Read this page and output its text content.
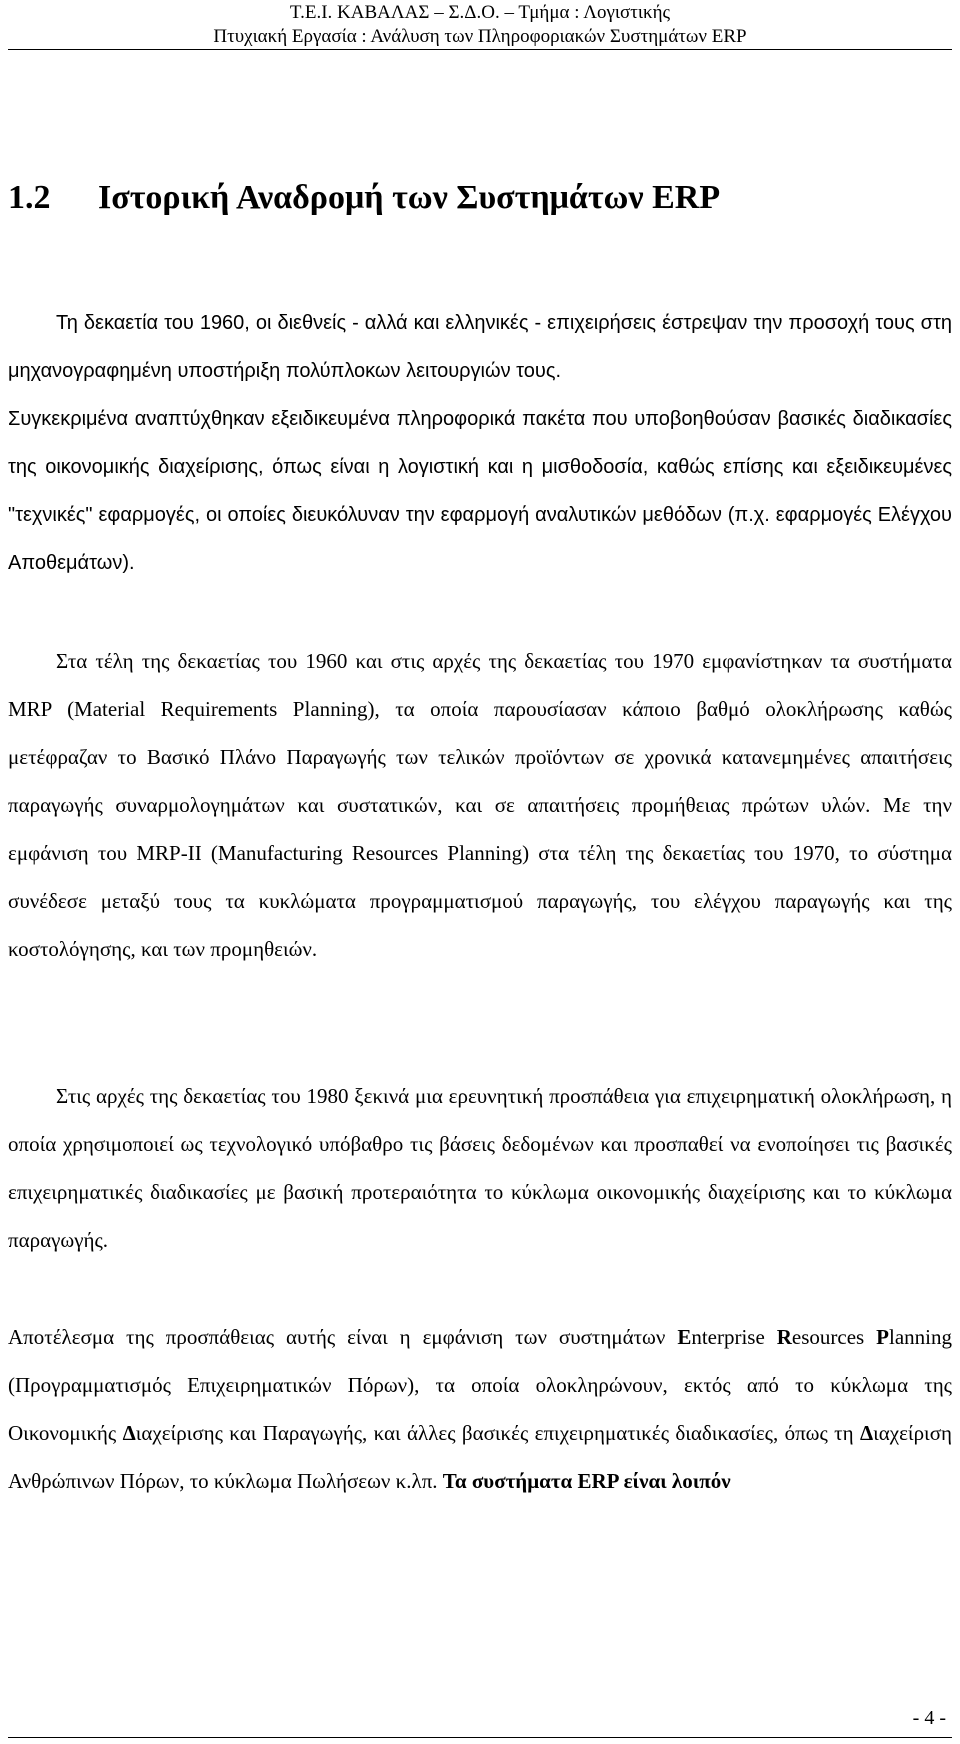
Τ.Ε.Ι. ΚΑΒΑΛΑΣ – Σ.Δ.Ο. – Τμήμα : Λογιστικής
Πτυχιακή Εργασία : Ανάλυση των Πληροφοριακών Συστημάτων ERP
1.2 Ιστορική Αναδρομή των Συστημάτων ERP
Τη δεκαετία του 1960, οι διεθνείς - αλλά και ελληνικές - επιχειρήσεις έστρεψαν την προσοχή τους στη μηχανογραφημένη υποστήριξη πολύπλοκων λειτουργιών τους.
Συγκεκριμένα αναπτύχθηκαν εξειδικευμένα πληροφορικά πακέτα που υποβοηθούσαν βασικές διαδικασίες της οικονομικής διαχείρισης, όπως είναι η λογιστική και η μισθοδοσία, καθώς επίσης και εξειδικευμένες "τεχνικές" εφαρμογές, οι οποίες διευκόλυναν την εφαρμογή αναλυτικών μεθόδων (π.χ. εφαρμογές Ελέγχου Αποθεμάτων).
Στα τέλη της δεκαετίας του 1960 και στις αρχές της δεκαετίας του 1970 εμφανίστηκαν τα συστήματα MRP (Material Requirements Planning), τα οποία παρουσίασαν κάποιο βαθμό ολοκλήρωσης καθώς μετέφραζαν το Βασικό Πλάνο Παραγωγής των τελικών προϊόντων σε χρονικά κατανεμημένες απαιτήσεις παραγωγής συναρμολογημάτων και συστατικών, και σε απαιτήσεις προμήθειας πρώτων υλών. Με την εμφάνιση του MRP-II (Manufacturing Resources Planning) στα τέλη της δεκαετίας του 1970, το σύστημα συνέδεσε μεταξύ τους τα κυκλώματα προγραμματισμού παραγωγής, του ελέγχου παραγωγής και της κοστολόγησης, και των προμηθειών.
Στις αρχές της δεκαετίας του 1980 ξεκινά μια ερευνητική προσπάθεια για επιχειρηματική ολοκλήρωση, η οποία χρησιμοποιεί ως τεχνολογικό υπόβαθρο τις βάσεις δεδομένων και προσπαθεί να ενοποίησει τις βασικές επιχειρηματικές διαδικασίες με βασική προτεραιότητα το κύκλωμα οικονομικής διαχείρισης και το κύκλωμα παραγωγής.
Αποτέλεσμα της προσπάθειας αυτής είναι η εμφάνιση των συστημάτων Enterprise Resources Planning (Προγραμματισμός Επιχειρηματικών Πόρων), τα οποία ολοκληρώνουν, εκτός από το κύκλωμα της Οικονομικής Διαχείρισης και Παραγωγής, και άλλες βασικές επιχειρηματικές διαδικασίες, όπως τη Διαχείριση Ανθρώπινων Πόρων, το κύκλωμα Πωλήσεων κ.λπ. Τα συστήματα ERP είναι λοιπόν
- 4 -
